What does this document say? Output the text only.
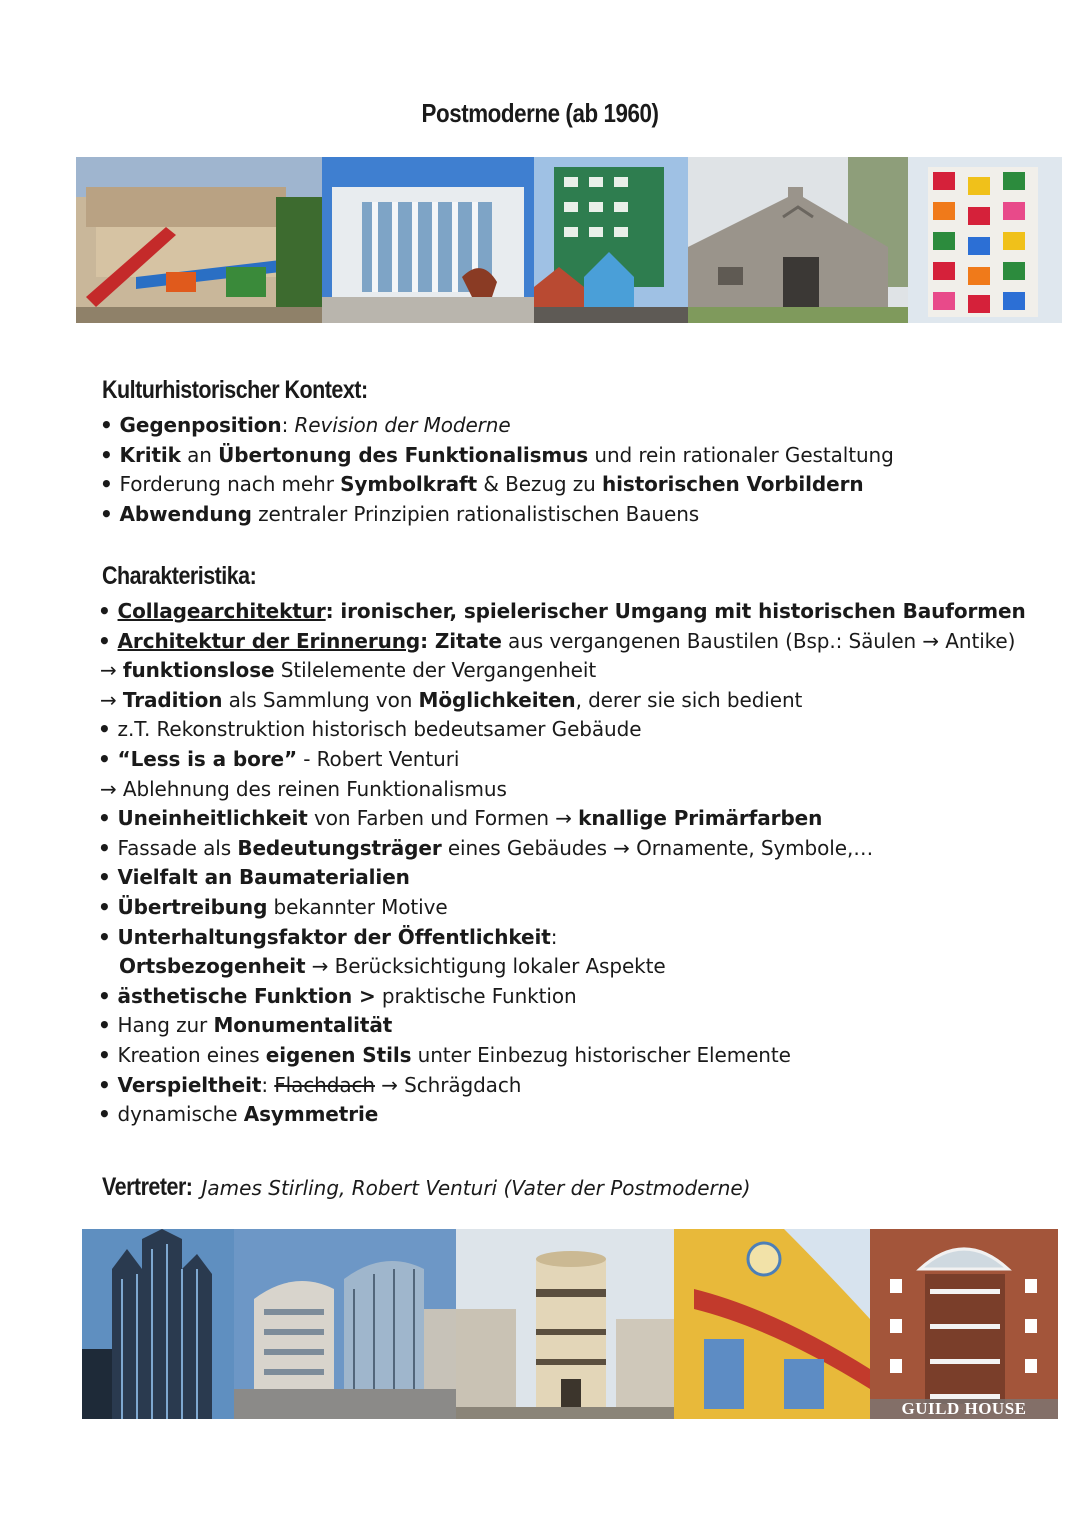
Postmoderne (ab 1960)
Kulturhistorischer Kontext:
• Gegenposition: Revision der Moderne
• Kritik an Übertonung des Funktionalismus und rein rationaler Gestaltung
• Forderung nach mehr Symbolkraft & Bezug zu historischen Vorbildern
• Abwendung zentraler Prinzipien rationalistischen Bauens
Charakteristika:
• Collagearchitektur: ironischer, spielerischer Umgang mit historischen Bauformen
• Architektur der Erinnerung: Zitate aus vergangenen Baustilen (Bsp.: Säulen → Antike)
→ funktionslose Stilelemente der Vergangenheit
→ Tradition als Sammlung von Möglichkeiten, derer sie sich bedient
• z.T. Rekonstruktion historisch bedeutsamer Gebäude
• “Less is a bore” - Robert Venturi
→ Ablehnung des reinen Funktionalismus
• Uneinheitlichkeit von Farben und Formen → knallige Primärfarben
• Fassade als Bedeutungsträger eines Gebäudes → Ornamente, Symbole,…
• Vielfalt an Baumaterialien
• Übertreibung bekannter Motive
• Unterhaltungsfaktor der Öffentlichkeit:
Ortsbezogenheit → Berücksichtigung lokaler Aspekte
• ästhetische Funktion > praktische Funktion
• Hang zur Monumentalität
• Kreation eines eigenen Stils unter Einbezug historischer Elemente
• Verspieltheit: Flachdach → Schrägdach
• dynamische Asymmetrie
Vertreter: James Stirling, Robert Venturi (Vater der Postmoderne)
GUILD HOUSE
